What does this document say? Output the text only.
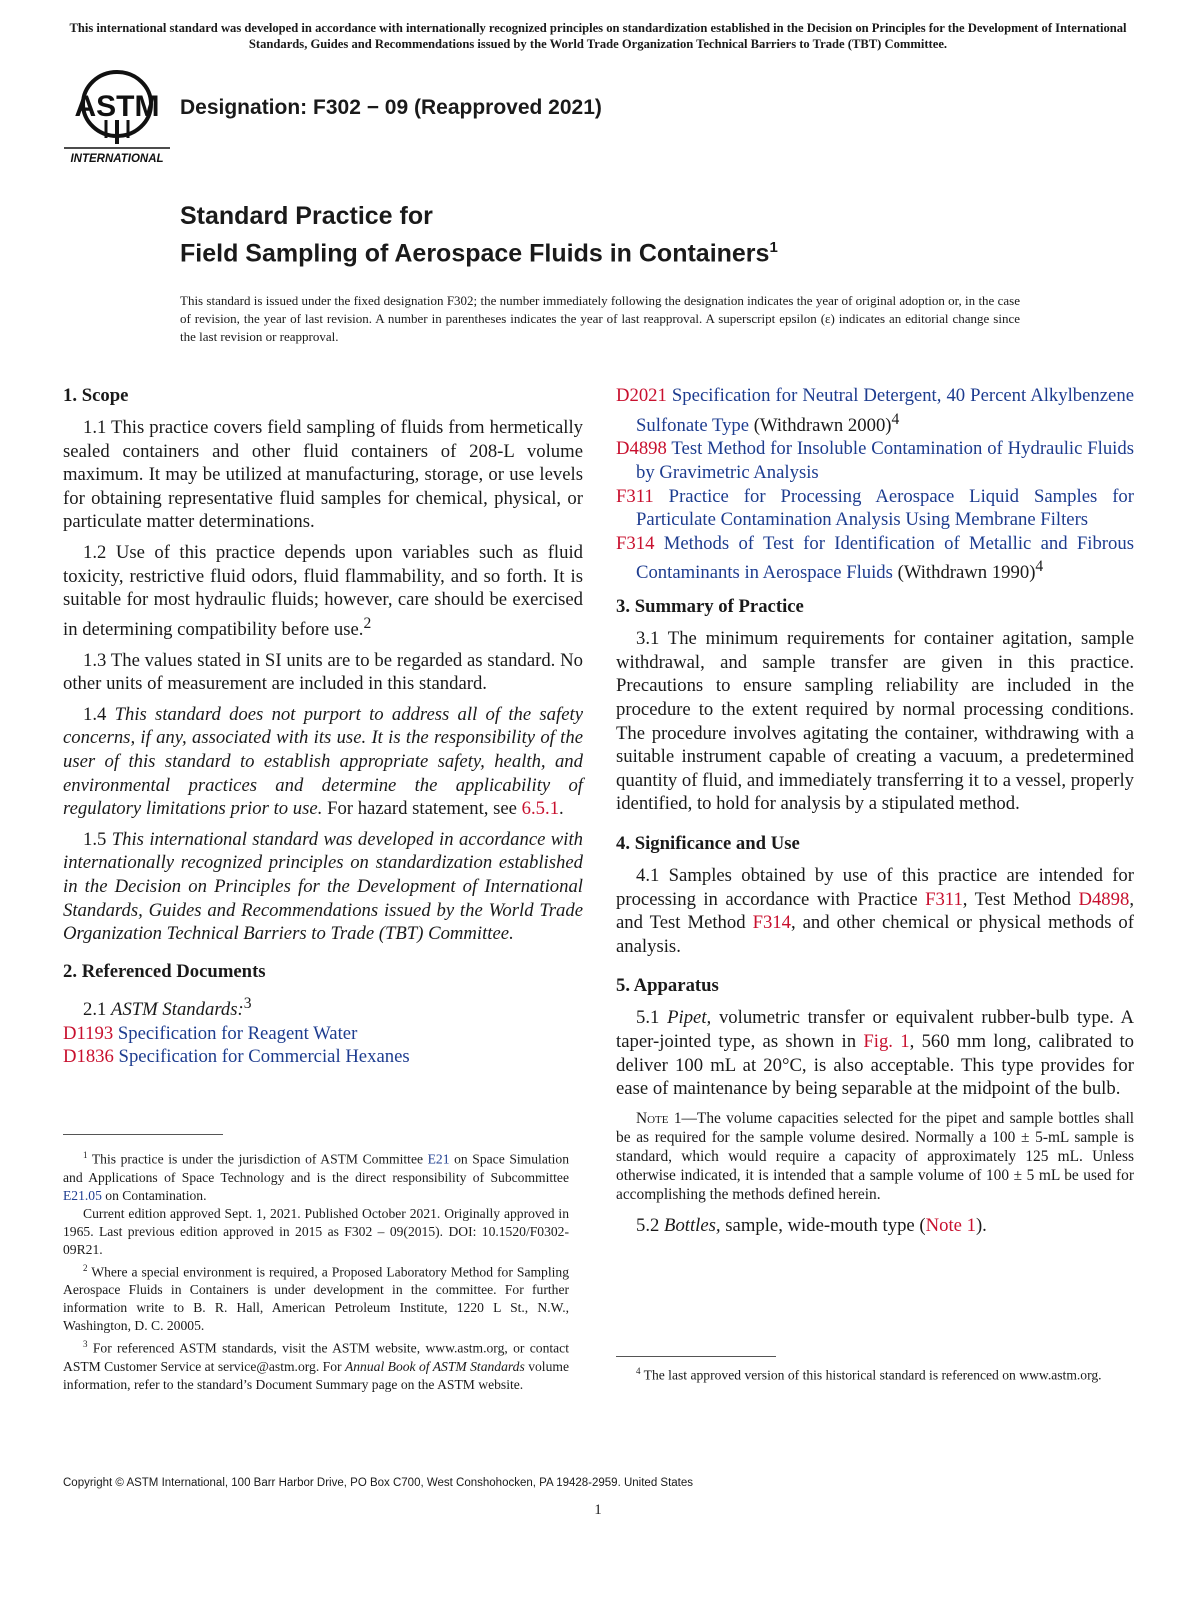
This international standard was developed in accordance with internationally recognized principles on standardization established in the Decision on Principles for the Development of International Standards, Guides and Recommendations issued by the World Trade Organization Technical Barriers to Trade (TBT) Committee.
ASTM
INTERNATIONAL
Designation: F302 − 09 (Reapproved 2021)
Standard Practice for
Field Sampling of Aerospace Fluids in Containers$^1$
This standard is issued under the fixed designation F302; the number immediately following the designation indicates the year of original adoption or, in the case of revision, the year of last revision. A number in parentheses indicates the year of last reapproval. A superscript epsilon (ε) indicates an editorial change since the last revision or reapproval.
1. Scope

1.1 This practice covers field sampling of fluids from hermetically sealed containers and other fluid containers of 208-L volume maximum. It may be utilized at manufacturing, storage, or use levels for obtaining representative fluid samples for chemical, physical, or particulate matter determinations.

1.2 Use of this practice depends upon variables such as fluid toxicity, restrictive fluid odors, fluid flammability, and so forth. It is suitable for most hydraulic fluids; however, care should be exercised in determining compatibility before use.$^2$

1.3 The values stated in SI units are to be regarded as standard. No other units of measurement are included in this standard.

1.4 This standard does not purport to address all of the safety concerns, if any, associated with its use. It is the responsibility of the user of this standard to establish appropriate safety, health, and environmental practices and determine the applicability of regulatory limitations prior to use. For hazard statement, see 6.5.1.

1.5 This international standard was developed in accordance with internationally recognized principles on standardization established in the Decision on Principles for the Development of International Standards, Guides and Recommendations issued by the World Trade Organization Technical Barriers to Trade (TBT) Committee.

2. Referenced Documents

2.1 ASTM Standards:$^3$

D1193 Specification for Reagent Water

D1836 Specification for Commercial Hexanes

$^1$ This practice is under the jurisdiction of ASTM Committee E21 on Space Simulation and Applications of Space Technology and is the direct responsibility of Subcommittee E21.05 on Contamination.

Current edition approved Sept. 1, 2021. Published October 2021. Originally approved in 1965. Last previous edition approved in 2015 as F302 – 09(2015). DOI: 10.1520/F0302-09R21.

$^2$ Where a special environment is required, a Proposed Laboratory Method for Sampling Aerospace Fluids in Containers is under development in the committee. For further information write to B. R. Hall, American Petroleum Institute, 1220 L St., N.W., Washington, D. C. 20005.

$^3$ For referenced ASTM standards, visit the ASTM website, www.astm.org, or contact ASTM Customer Service at service@astm.org. For Annual Book of ASTM Standards volume information, refer to the standard’s Document Summary page on the ASTM website.

D2021 Specification for Neutral Detergent, 40 Percent Alkylbenzene Sulfonate Type (Withdrawn 2000)$^4$

D4898 Test Method for Insoluble Contamination of Hydraulic Fluids by Gravimetric Analysis

F311 Practice for Processing Aerospace Liquid Samples for Particulate Contamination Analysis Using Membrane Filters

F314 Methods of Test for Identification of Metallic and Fibrous Contaminants in Aerospace Fluids (Withdrawn 1990)$^4$

3. Summary of Practice

3.1 The minimum requirements for container agitation, sample withdrawal, and sample transfer are given in this practice. Precautions to ensure sampling reliability are included in the procedure to the extent required by normal processing conditions. The procedure involves agitating the container, withdrawing with a suitable instrument capable of creating a vacuum, a predetermined quantity of fluid, and immediately transferring it to a vessel, properly identified, to hold for analysis by a stipulated method.

4. Significance and Use

4.1 Samples obtained by use of this practice are intended for processing in accordance with Practice F311, Test Method D4898, and Test Method F314, and other chemical or physical methods of analysis.

5. Apparatus

5.1 Pipet, volumetric transfer or equivalent rubber-bulb type. A taper-jointed type, as shown in Fig. 1, 560 mm long, calibrated to deliver 100 mL at 20°C, is also acceptable. This type provides for ease of maintenance by being separable at the midpoint of the bulb.

Note 1—The volume capacities selected for the pipet and sample bottles shall be as required for the sample volume desired. Normally a 100 ± 5-mL sample is standard, which would require a capacity of approximately 125 mL. Unless otherwise indicated, it is intended that a sample volume of 100 ± 5 mL be used for accomplishing the methods defined herein.

5.2 Bottles, sample, wide-mouth type (Note 1).

$^4$ The last approved version of this historical standard is referenced on www.astm.org.

Copyright © ASTM International, 100 Barr Harbor Drive, PO Box C700, West Conshohocken, PA 19428-2959. United States
1
